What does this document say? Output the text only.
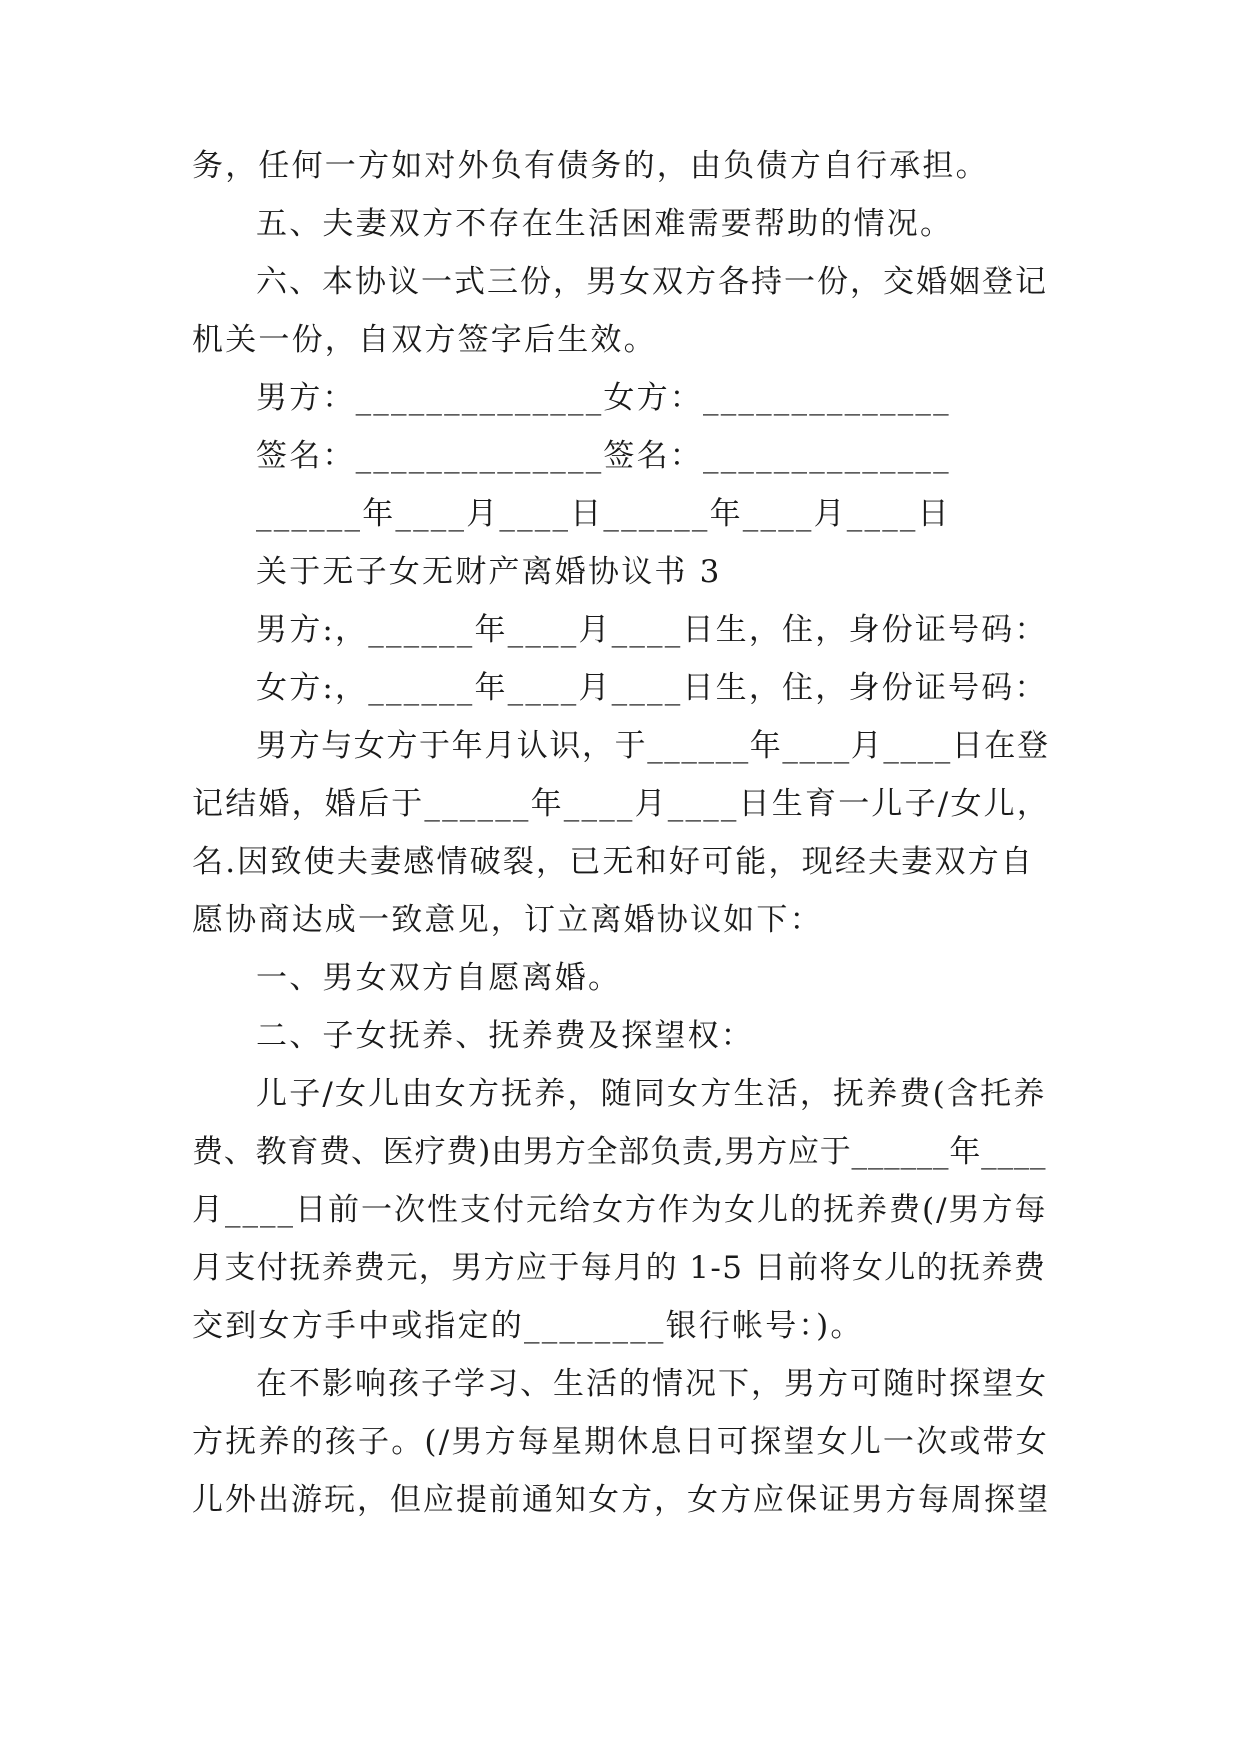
务，任何一方如对外负有债务的，由负债方自行承担。
五、夫妻双方不存在生活困难需要帮助的情况。
六、本协议一式三份，男女双方各持一份，交婚姻登记
机关一份，自双方签字后生效。
男方：______________女方：______________
签名：______________签名：______________
______年____月____日______年____月____日
关于无子女无财产离婚协议书 3
男方:，______年____月____日生，住，身份证号码：
女方:，______年____月____日生，住，身份证号码：
男方与女方于年月认识，于______年____月____日在登
记结婚，婚后于______年____月____日生育一儿子/女儿，
名.因致使夫妻感情破裂，已无和好可能，现经夫妻双方自
愿协商达成一致意见，订立离婚协议如下：
一、男女双方自愿离婚。
二、子女抚养、抚养费及探望权：
儿子/女儿由女方抚养，随同女方生活，抚养费(含托养
费、教育费、医疗费)由男方全部负责,男方应于______年____
月____日前一次性支付元给女方作为女儿的抚养费(/男方每
月支付抚养费元，男方应于每月的 1-5 日前将女儿的抚养费
交到女方手中或指定的________银行帐号：)。
在不影响孩子学习、生活的情况下，男方可随时探望女
方抚养的孩子。(/男方每星期休息日可探望女儿一次或带女
儿外出游玩，但应提前通知女方，女方应保证男方每周探望
